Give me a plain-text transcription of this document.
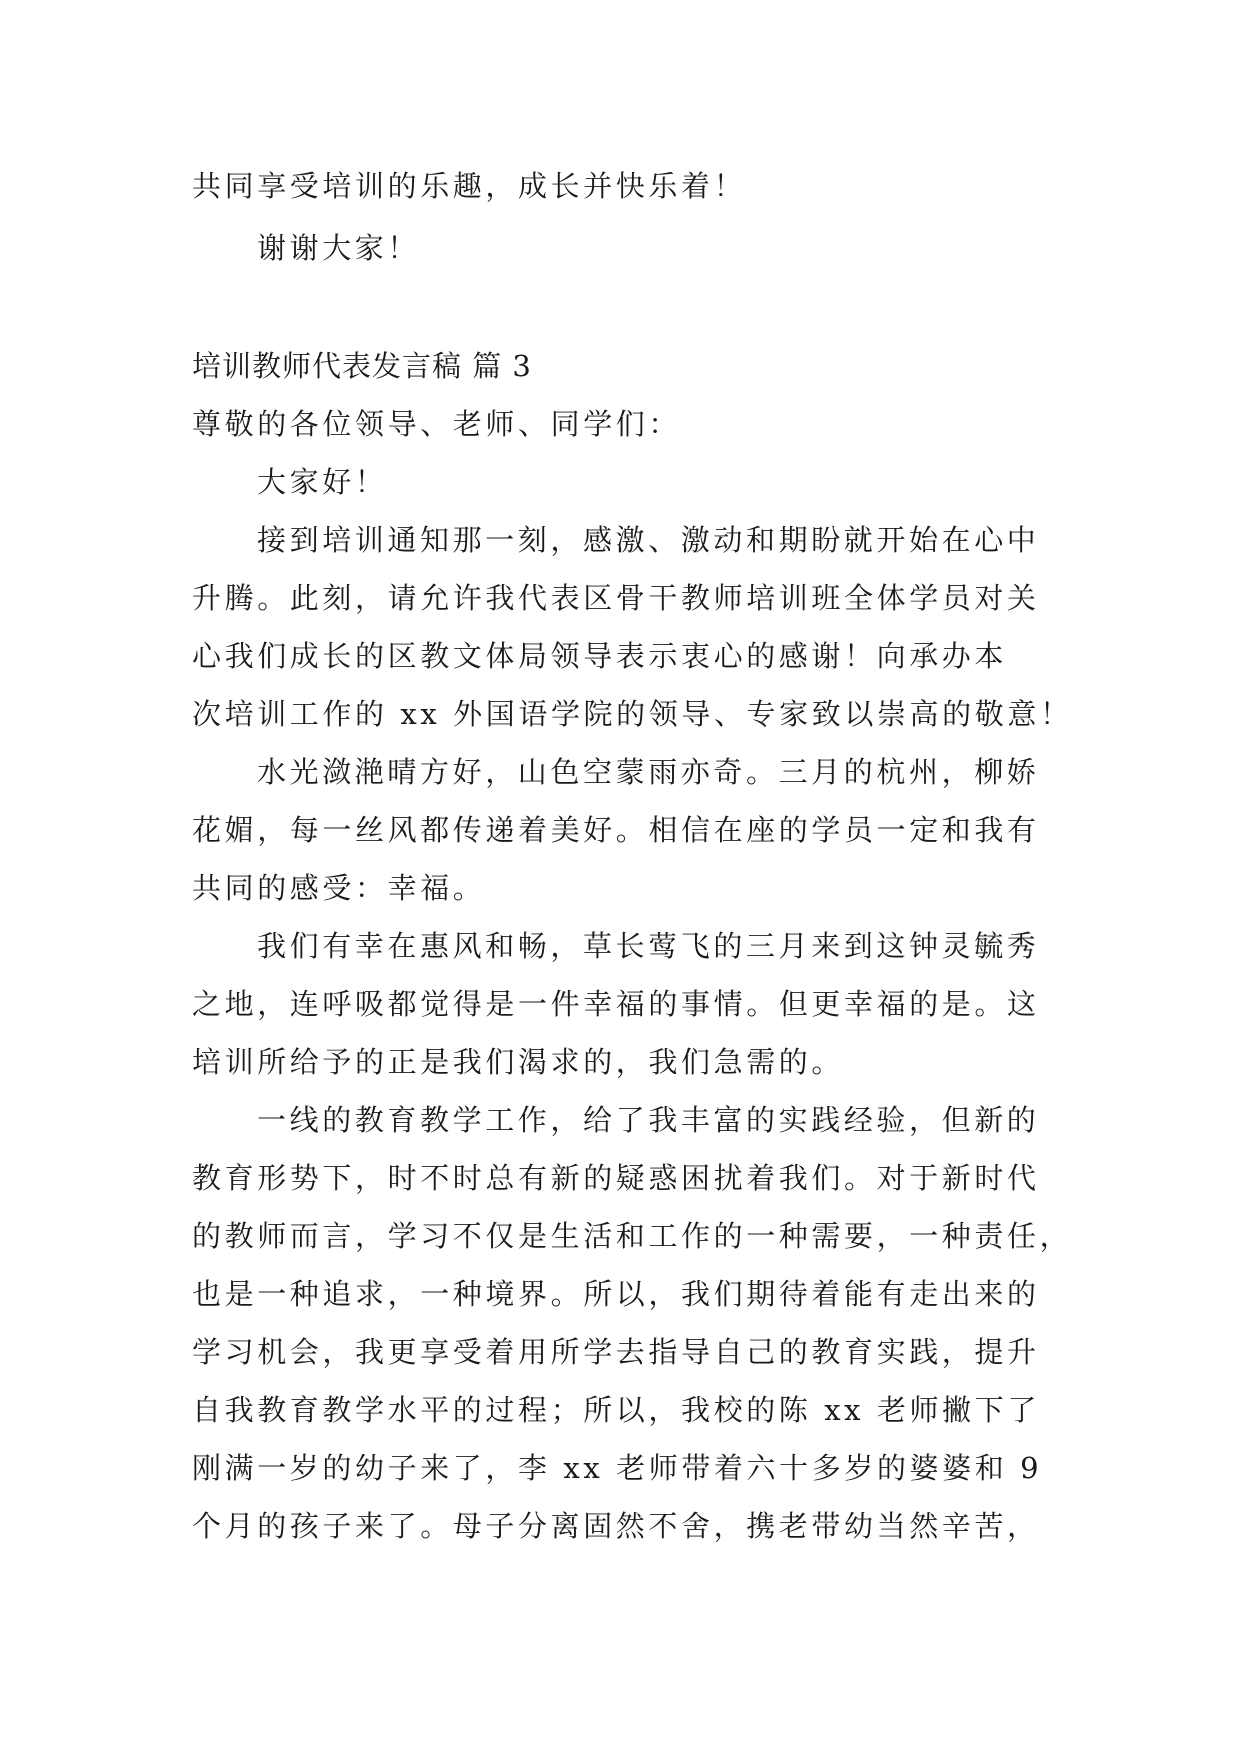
共同享受培训的乐趣，成长并快乐着！

谢谢大家！

培训教师代表发言稿 篇 3

尊敬的各位领导、老师、同学们：

大家好！

接到培训通知那一刻，感激、激动和期盼就开始在心中

升腾。此刻，请允许我代表区骨干教师培训班全体学员对关

心我们成长的区教文体局领导表示衷心的感谢！向承办本

次培训工作的 xx 外国语学院的领导、专家致以崇高的敬意！

水光潋滟晴方好，山色空蒙雨亦奇。三月的杭州，柳娇

花媚，每一丝风都传递着美好。相信在座的学员一定和我有

共同的感受：幸福。

我们有幸在惠风和畅，草长莺飞的三月来到这钟灵毓秀

之地，连呼吸都觉得是一件幸福的事情。但更幸福的是。这

培训所给予的正是我们渴求的，我们急需的。

一线的教育教学工作，给了我丰富的实践经验，但新的

教育形势下，时不时总有新的疑惑困扰着我们。对于新时代

的教师而言，学习不仅是生活和工作的一种需要，一种责任，

也是一种追求，一种境界。所以，我们期待着能有走出来的

学习机会，我更享受着用所学去指导自己的教育实践，提升

自我教育教学水平的过程；所以，我校的陈 xx 老师撇下了

刚满一岁的幼子来了，李 xx 老师带着六十多岁的婆婆和 9

个月的孩子来了。母子分离固然不舍，携老带幼当然辛苦，
